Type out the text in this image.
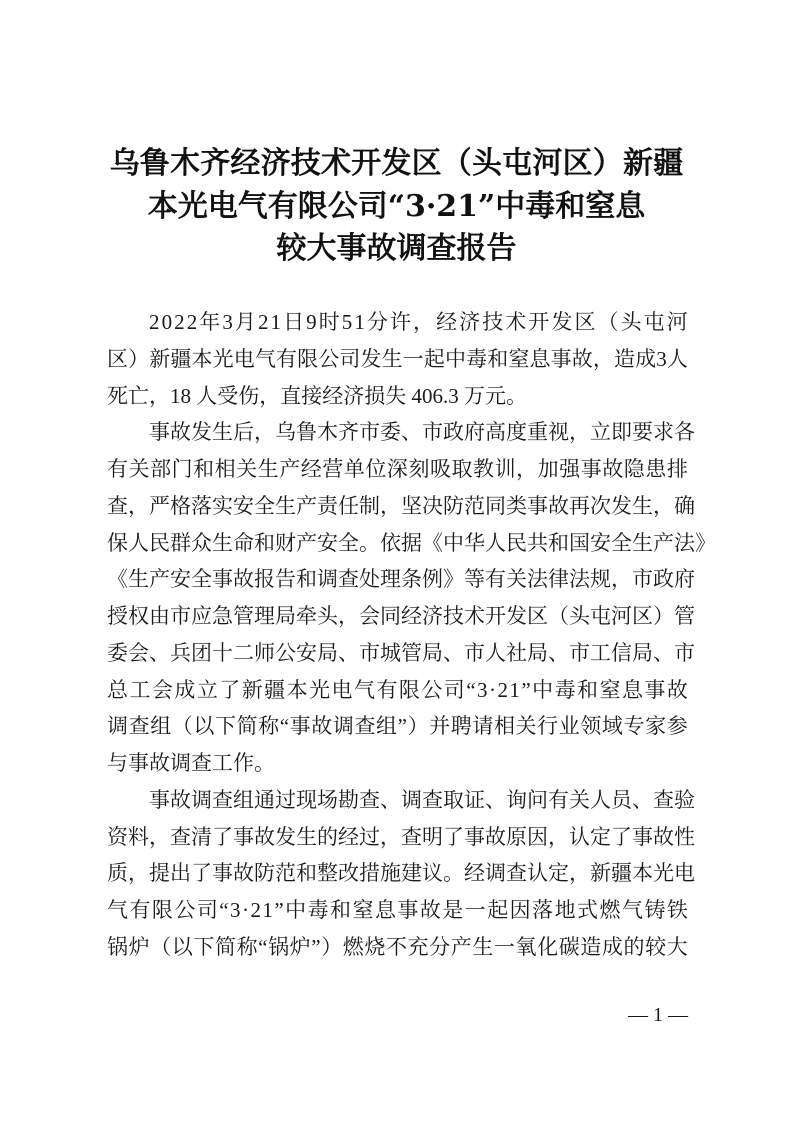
乌鲁木齐经济技术开发区（头屯河区）新疆
本光电气有限公司“3·21”中毒和窒息
较大事故调查报告
2 0 2 2 年 3 月 2 1 日 9 时 5 1 分 许 ， 经 济 技 术 开 发 区 （ 头 屯 河
区 ） 新 疆 本 光 电 气 有 限 公 司 发 生 一 起 中 毒 和 窒 息 事 故 ， 造 成 3 人
死亡，18 人受伤，直接经济损失 406.3 万元。
事 故 发 生 后 ， 乌 鲁 木 齐 市 委 、 市 政 府 高 度 重 视 ， 立 即 要 求 各
有 关 部 门 和 相 关 生 产 经 营 单 位 深 刻 吸 取 教 训 ， 加 强 事 故 隐 患 排
查 ， 严 格 落 实 安 全 生 产 责 任 制 ， 坚 决 防 范 同 类 事 故 再 次 发 生 ， 确
保 人 民 群 众 生 命 和 财 产 安 全 。 依 据 《 中 华 人 民 共 和 国 安 全 生 产 法 》
《 生 产 安 全 事 故 报 告 和 调 查 处 理 条 例 》 等 有 关 法 律 法 规 ， 市 政 府
授 权 由 市 应 急 管 理 局 牵 头 ， 会 同 经 济 技 术 开 发 区 （ 头 屯 河 区 ） 管
委 会 、 兵 团 十 二 师 公 安 局 、 市 城 管 局 、 市 人 社 局 、 市 工 信 局 、 市
总 工 会 成 立 了 新 疆 本 光 电 气 有 限 公 司 “ 3 · 2 1 ” 中 毒 和 窒 息 事 故
调 查 组 （ 以 下 简 称 “ 事 故 调 查 组 ” ） 并 聘 请 相 关 行 业 领 域 专 家 参
与事故调查工作。
事 故 调 查 组 通 过 现 场 勘 查 、 调 查 取 证 、 询 问 有 关 人 员 、 查 验
资 料 ， 查 清 了 事 故 发 生 的 经 过 ， 查 明 了 事 故 原 因 ， 认 定 了 事 故 性
质 ， 提 出 了 事 故 防 范 和 整 改 措 施 建 议 。 经 调 查 认 定 ， 新 疆 本 光 电
气 有 限 公 司 “ 3 · 2 1 ” 中 毒 和 窒 息 事 故 是 一 起 因 落 地 式 燃 气 铸 铁
锅 炉 （ 以 下 简 称 “ 锅 炉 ” ） 燃 烧 不 充 分 产 生 一 氧 化 碳 造 成 的 较 大
— 1 —
